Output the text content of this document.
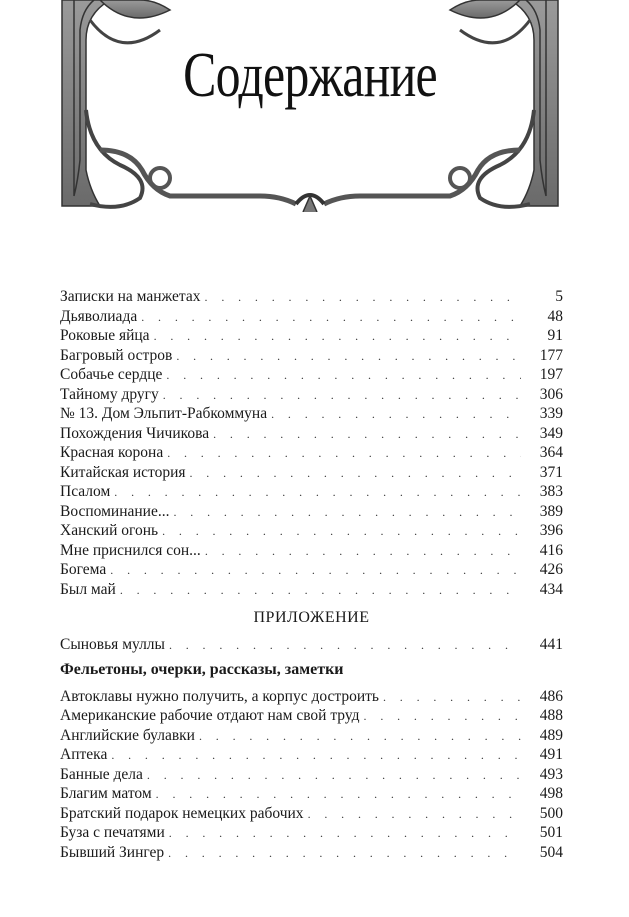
Содержание
Записки на манжетах . . .	5
Дьяволиада . . .	48
Роковые яйца . . .	91
Багровый остров . . .	177
Собачье сердце . . .	197
Тайному другу . . .	306
№ 13. Дом Эльпит-Рабкоммуна . . .	339
Похождения Чичикова . . .	349
Красная корона . . .	364
Китайская история . . .	371
Псалом . . .	383
Воспоминание... . . .	389
Ханский огонь . . .	396
Мне приснился сон... . . .	416
Богема . . .	426
Был май . . .	434
ПРИЛОЖЕНИЕ
Сыновья муллы . . .	441
Фельетоны, очерки, рассказы, заметки
Автоклавы нужно получить, а корпус достроить . . .	486
Американские рабочие отдают нам свой труд . . .	488
Английские булавки . . .	489
Аптека . . .	491
Банные дела . . .	493
Благим матом . . .	498
Братский подарок немецких рабочих . . .	500
Буза с печатями . . .	501
Бывший Зингер . . .	504
